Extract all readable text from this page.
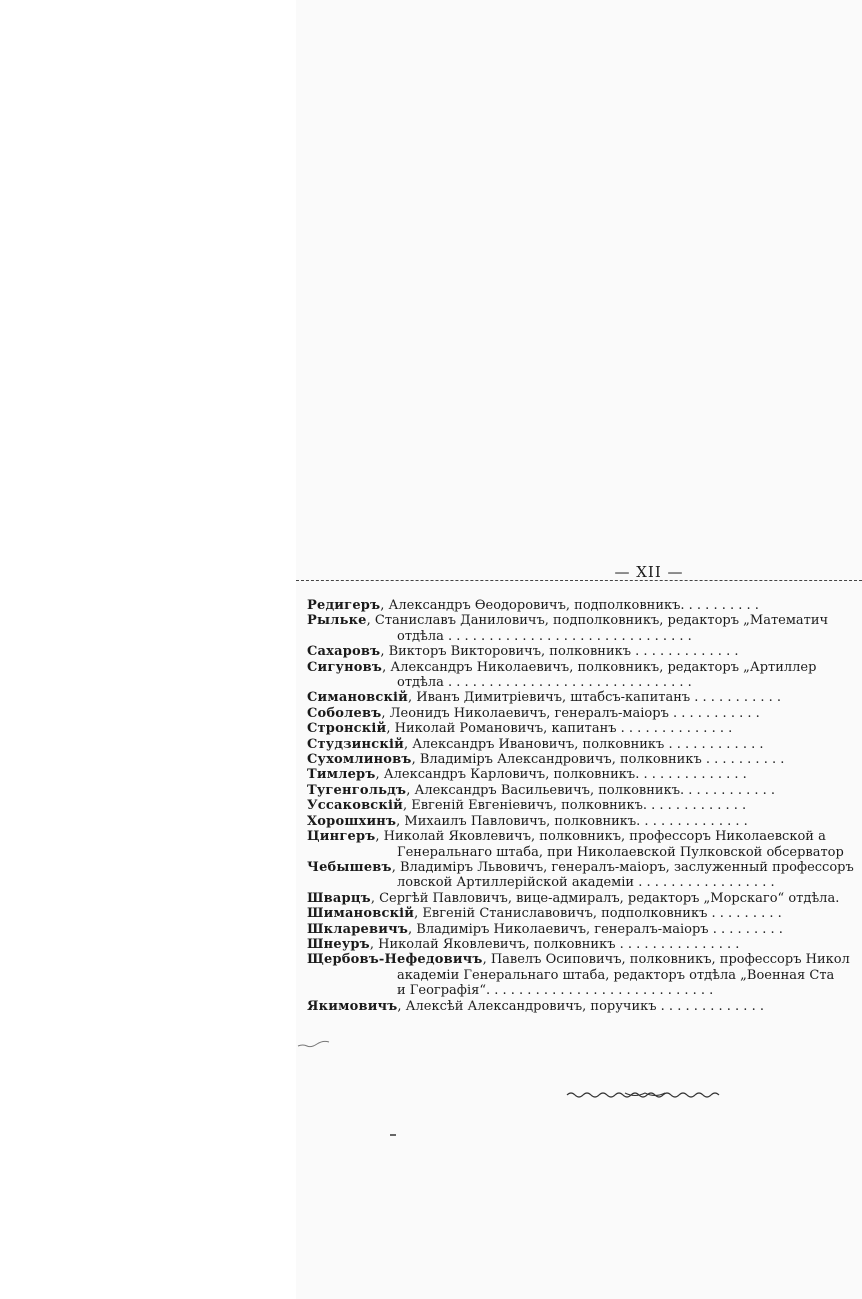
— XII —
Редигеръ, Александръ Ѳеодоровичъ, подполковникъ. . . . . . . . . .
Рыльке, Станиславъ Даниловичъ, подполковникъ, редакторъ „Математич
отдѣла . . . . . . . . . . . . . . . . . . . . . . . . . . . . . .
Сахаровъ, Викторъ Викторовичъ, полковникъ . . . . . . . . . . . . .
Сигуновъ, Александръ Николаевичъ, полковникъ, редакторъ „Артиллер
отдѣла . . . . . . . . . . . . . . . . . . . . . . . . . . . . . .
Симановскій, Иванъ Димитріевичъ, штабсъ-капитанъ . . . . . . . . . . .
Соболевъ, Леонидъ Николаевичъ, генералъ-маіоръ . . . . . . . . . . .
Стронскій, Николай Романовичъ, капитанъ . . . . . . . . . . . . . .
Студзинскій, Александръ Ивановичъ, полковникъ . . . . . . . . . . . .
Сухомлиновъ, Владиміръ Александровичъ, полковникъ . . . . . . . . . .
Тимлеръ, Александръ Карловичъ, полковникъ. . . . . . . . . . . . . .
Тугенгольдъ, Александръ Васильевичъ, полковникъ. . . . . . . . . . . .
Уссаковскій, Евгеній Евгеніевичъ, полковникъ. . . . . . . . . . . . .
Хорошхинъ, Михаилъ Павловичъ, полковникъ. . . . . . . . . . . . . .
Цингеръ, Николай Яковлевичъ, полковникъ, профессоръ Николаевской а
Генеральнаго штаба, при Николаевской Пулковской обсерватор
Чебышевъ, Владиміръ Львовичъ, генералъ-маіоръ, заслуженный профессоръ
ловской Артиллерійской академіи . . . . . . . . . . . . . . . . .
Шварцъ, Сергѣй Павловичъ, вице-адмиралъ, редакторъ „Морскаго“ отдѣла.
Шимановскій, Евгеній Станиславовичъ, подполковникъ . . . . . . . . .
Шкларевичъ, Владиміръ Николаевичъ, генералъ-маіоръ . . . . . . . . .
Шнеуръ, Николай Яковлевичъ, полковникъ . . . . . . . . . . . . . . .
Щербовъ-Нефедовичъ, Павелъ Осиповичъ, полковникъ, профессоръ Никол
академіи Генеральнаго штаба, редакторъ отдѣла „Военная Ста
и Географія“. . . . . . . . . . . . . . . . . . . . . . . . . . . .
Якимовичъ, Алексѣй Александровичъ, поручикъ . . . . . . . . . . . . .
